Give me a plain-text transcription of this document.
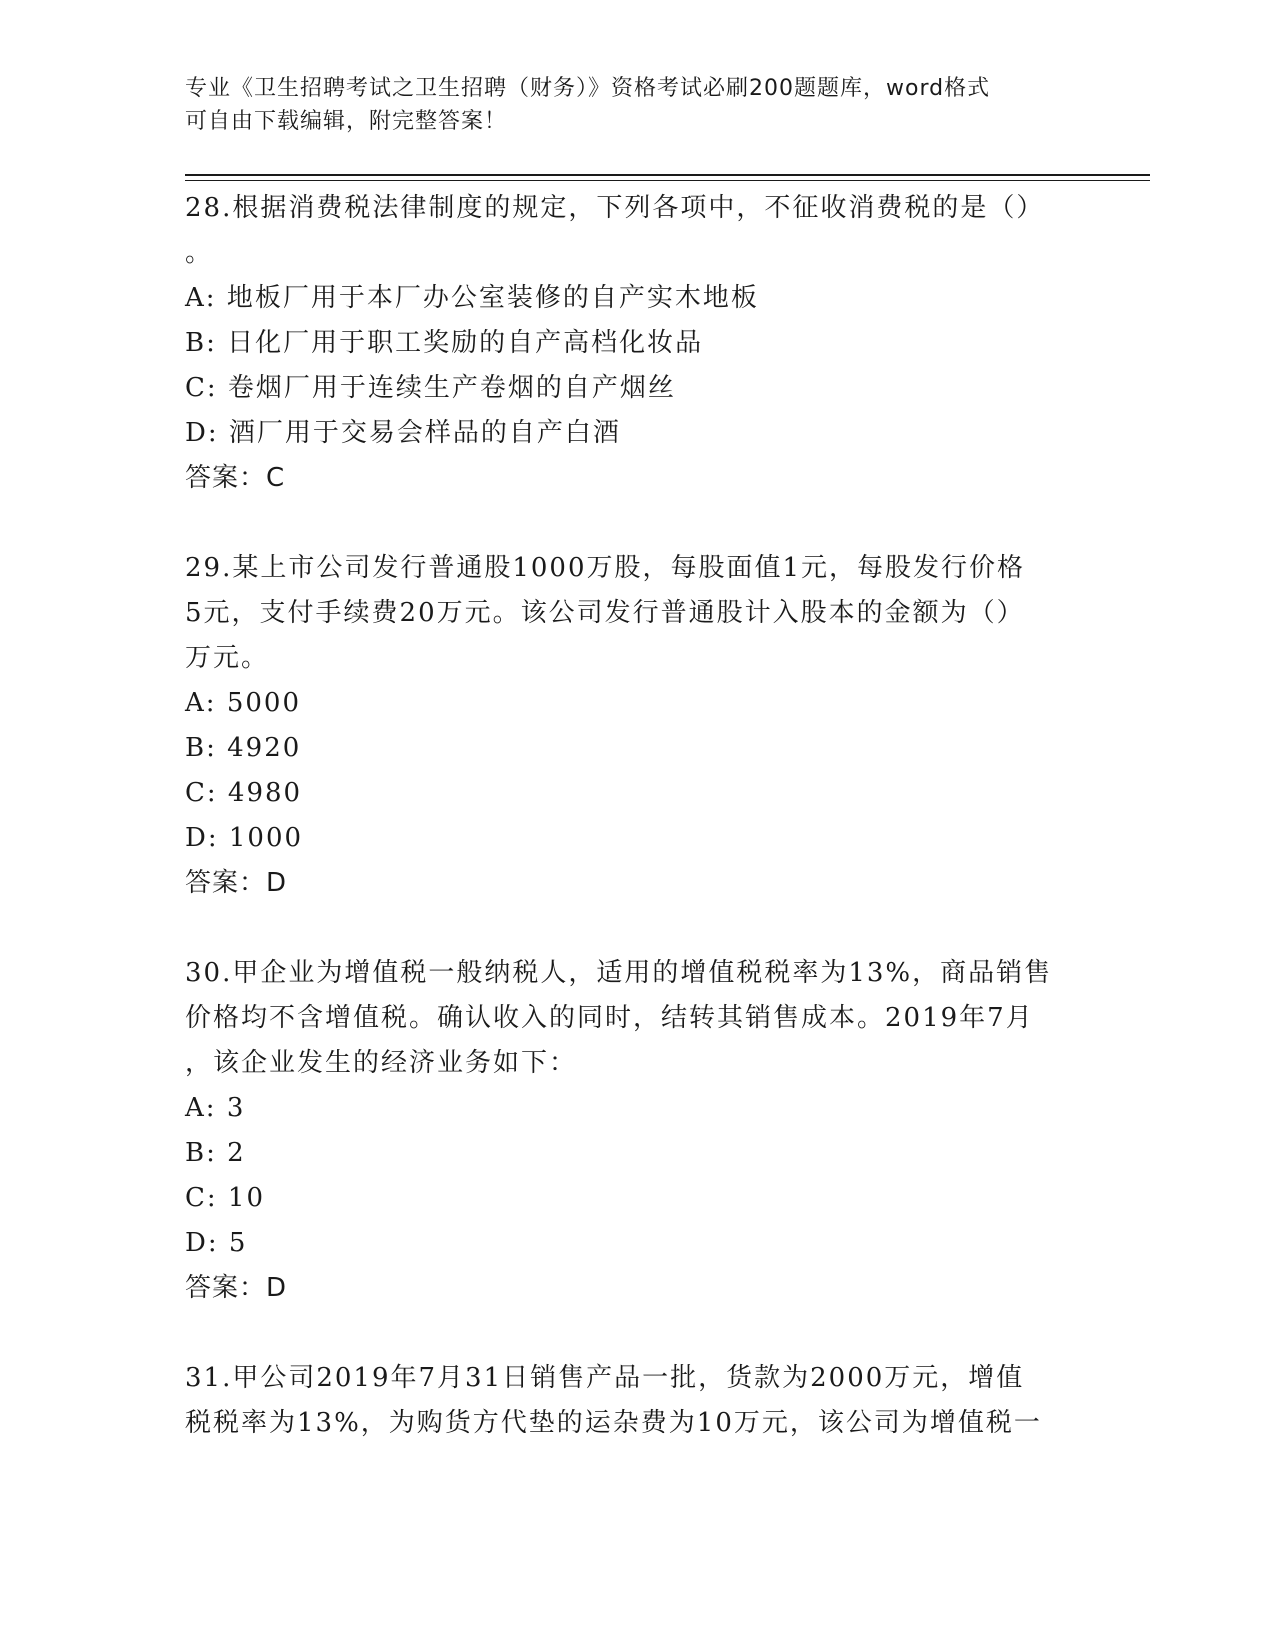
专业《卫生招聘考试之卫生招聘（财务）》资格考试必刷200题题库，word格式
可自由下载编辑，附完整答案！

28.根据消费税法律制度的规定，下列各项中，不征收消费税的是（）

。

A:
地板厂用于本厂办公室装修的自产实木地板

B:
日化厂用于职工奖励的自产高档化妆品

C:
卷烟厂用于连续生产卷烟的自产烟丝

D:
酒厂用于交易会样品的自产白酒

答案：C

29.某上市公司发行普通股1000万股，每股面值1元，每股发行价格

5元，支付手续费20万元。该公司发行普通股计入股本的金额为（）

万元。

A:
5000

B:
4920

C:
4980

D:
1000

答案：D

30.甲企业为增值税一般纳税人，适用的增值税税率为13%，商品销售

价格均不含增值税。确认收入的同时，结转其销售成本。2019年7月

，该企业发生的经济业务如下：

A:
3

B:
2

C:
10

D:
5

答案：D

31.甲公司2019年7月31日销售产品一批，货款为2000万元，增值

税税率为13%，为购货方代垫的运杂费为10万元，该公司为增值税一
